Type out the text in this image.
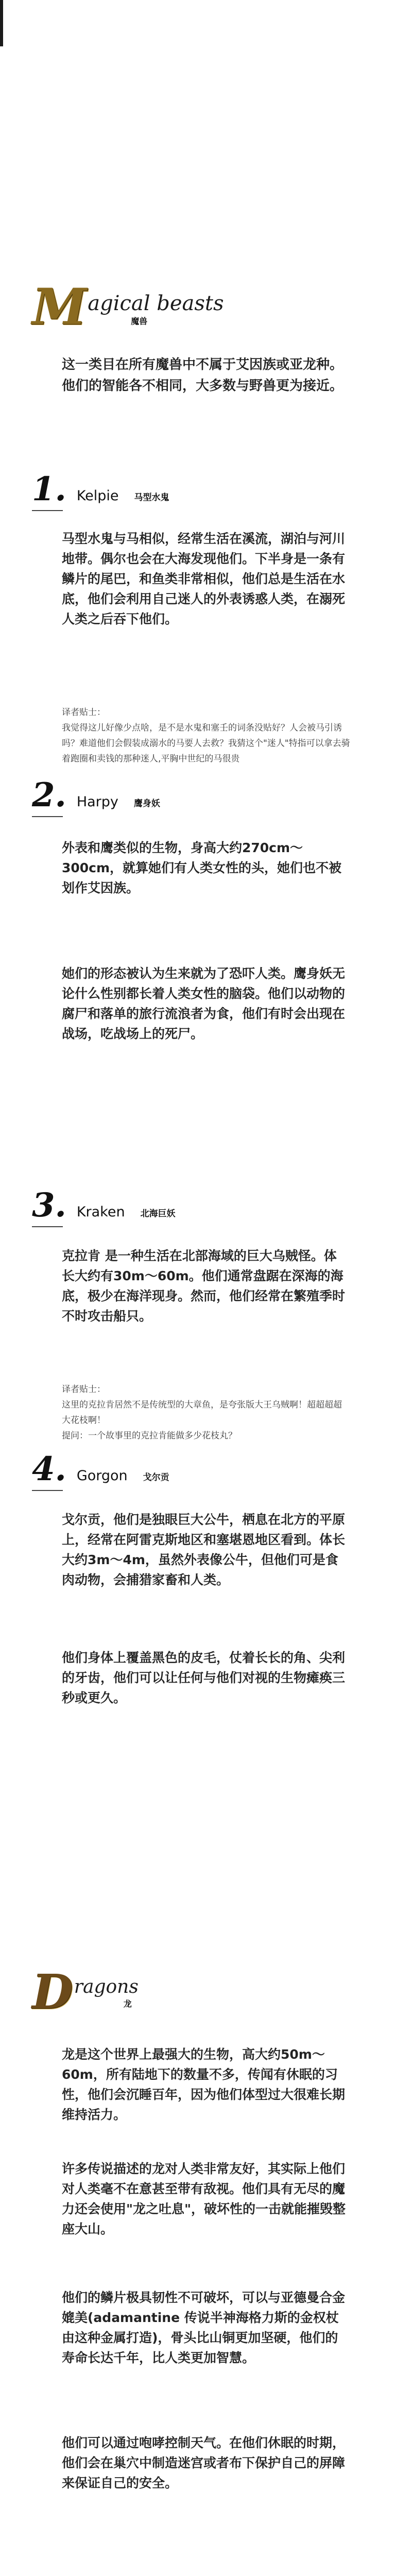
M agical beasts
魔兽
这一类目在所有魔兽中不属于艾因族或亚龙种。他们的智能各不相同，大多数与野兽更为接近。
1. Kelpie 马型水鬼
马型水鬼与马相似，经常生活在溪流，湖泊与河川地带。偶尔也会在大海发现他们。下半身是一条有鳞片的尾巴，和鱼类非常相似，他们总是生活在水底，他们会利用自己迷人的外表诱惑人类，在溺死人类之后吞下他们。
译者贴士：
我觉得这儿好像少点啥，是不是水鬼和塞壬的词条没贴好？人会被马引诱吗？难道他们会假装成溺水的马要人去救？我猜这个"迷人"特指可以拿去骑着跑圈和卖钱的那种迷人,平胸中世纪的马很贵
2. Harpy 鹰身妖
外表和鹰类似的生物，身高大约270cm～300cm，就算她们有人类女性的头，她们也不被划作艾因族。
她们的形态被认为生来就为了恐吓人类。鹰身妖无论什么性别都长着人类女性的脑袋。他们以动物的腐尸和落单的旅行流浪者为食，他们有时会出现在战场，吃战场上的死尸。
3. Kraken 北海巨妖
克拉肯 是一种生活在北部海域的巨大乌贼怪。体长大约有30m～60m。他们通常盘踞在深海的海底，极少在海洋现身。然而，他们经常在繁殖季时不时攻击船只。
译者贴士：
这里的克拉肯居然不是传统型的大章鱼，是夸张版大王乌贼啊！超超超超大花枝啊！
提问：一个故事里的克拉肯能做多少花枝丸？
4. Gorgon 戈尔贡
戈尔贡，他们是独眼巨大公牛，栖息在北方的平原上，经常在阿雷克斯地区和塞堪恩地区看到。体长大约3m～4m，虽然外表像公牛，但他们可是食肉动物，会捕猎家畜和人类。
他们身体上覆盖黑色的皮毛，仗着长长的角、尖利的牙齿，他们可以让任何与他们对视的生物瘫痪三秒或更久。
D ragons
龙
龙是这个世界上最强大的生物，高大约50m～60m，所有陆地下的数量不多，传闻有休眠的习性，他们会沉睡百年，因为他们体型过大很难长期维持活力。
许多传说描述的龙对人类非常友好，其实际上他们对人类毫不在意甚至带有敌视。他们具有无尽的魔力还会使用"龙之吐息"，破坏性的一击就能摧毁整座大山。
他们的鳞片极具韧性不可破坏，可以与亚德曼合金媲美(adamantine 传说半神海格力斯的金权杖由这种金属打造)，骨头比山铜更加坚硬，他们的寿命长达千年，比人类更加智慧。
他们可以通过咆哮控制天气。在他们休眠的时期，他们会在巢穴中制造迷宫或者布下保护自己的屏障来保证自己的安全。
